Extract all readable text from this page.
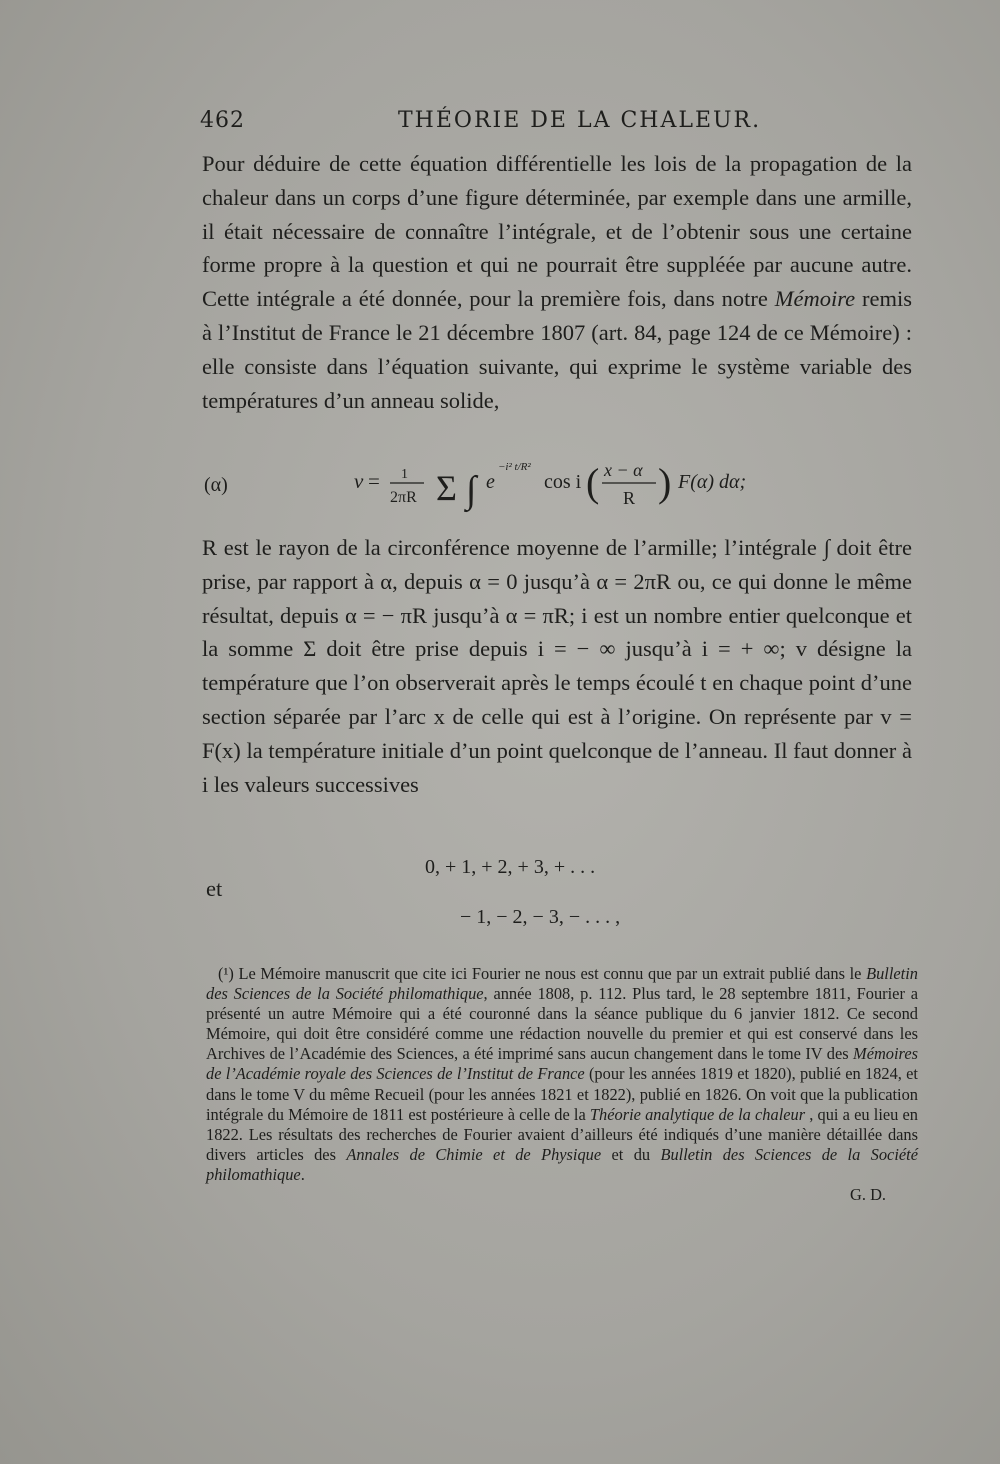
462	THÉORIE DE LA CHALEUR.

Pour déduire de cette équation différentielle les lois de la propagation de la chaleur dans un corps d’une figure déterminée, par exemple dans une armille, il était nécessaire de connaître l’intégrale, et de l’obtenir sous une certaine forme propre à la question et qui ne pourrait être suppléée par aucune autre. Cette intégrale a été donnée, pour la première fois, dans notre Mémoire remis à l’Institut de France le 21 décembre 1807 (art. 84, page 124 de ce Mémoire) : elle consiste dans l’équation suivante, qui exprime le système variable des températures d’un anneau solide,

(α)	v = 1
2πR Σ ∫ e
−i² t/R²
cos i ( x − α
R ) F(α) dα;

R est le rayon de la circonférence moyenne de l’armille; l’intégrale ∫ doit être prise, par rapport à α, depuis α = 0 jusqu’à α = 2πR ou, ce qui donne le même résultat, depuis α = − πR jusqu’à α = πR; i est un nombre entier quelconque et la somme Σ doit être prise depuis i = − ∞ jusqu’à i = + ∞; v désigne la température que l’on observerait après le temps écoulé t en chaque point d’une section séparée par l’arc x de celle qui est à l’origine. On représente par v = F(x) la température initiale d’un point quelconque de l’anneau. Il faut donner à i les valeurs successives

0, + 1, + 2, + 3, + . . .
et
− 1, − 2, − 3, − . . . ,

(¹) Le Mémoire manuscrit que cite ici Fourier ne nous est connu que par un extrait publié dans le Bulletin des Sciences de la Société philomathique, année 1808, p. 112. Plus tard, le 28 septembre 1811, Fourier a présenté un autre Mémoire qui a été couronné dans la séance publique du 6 janvier 1812. Ce second Mémoire, qui doit être considéré comme une rédaction nouvelle du premier et qui est conservé dans les Archives de l’Académie des Sciences, a été imprimé sans aucun changement dans le tome IV des Mémoires de l’Académie royale des Sciences de l’Institut de France (pour les années 1819 et 1820), publié en 1824, et dans le tome V du même Recueil (pour les années 1821 et 1822), publié en 1826. On voit que la publication intégrale du Mémoire de 1811 est postérieure à celle de la Théorie analytique de la chaleur , qui a eu lieu en 1822. Les résultats des recherches de Fourier avaient d’ailleurs été indiqués d’une manière détaillée dans divers articles des Annales de Chimie et de Physique et du Bulletin des Sciences de la Société philomathique.

G. D.
